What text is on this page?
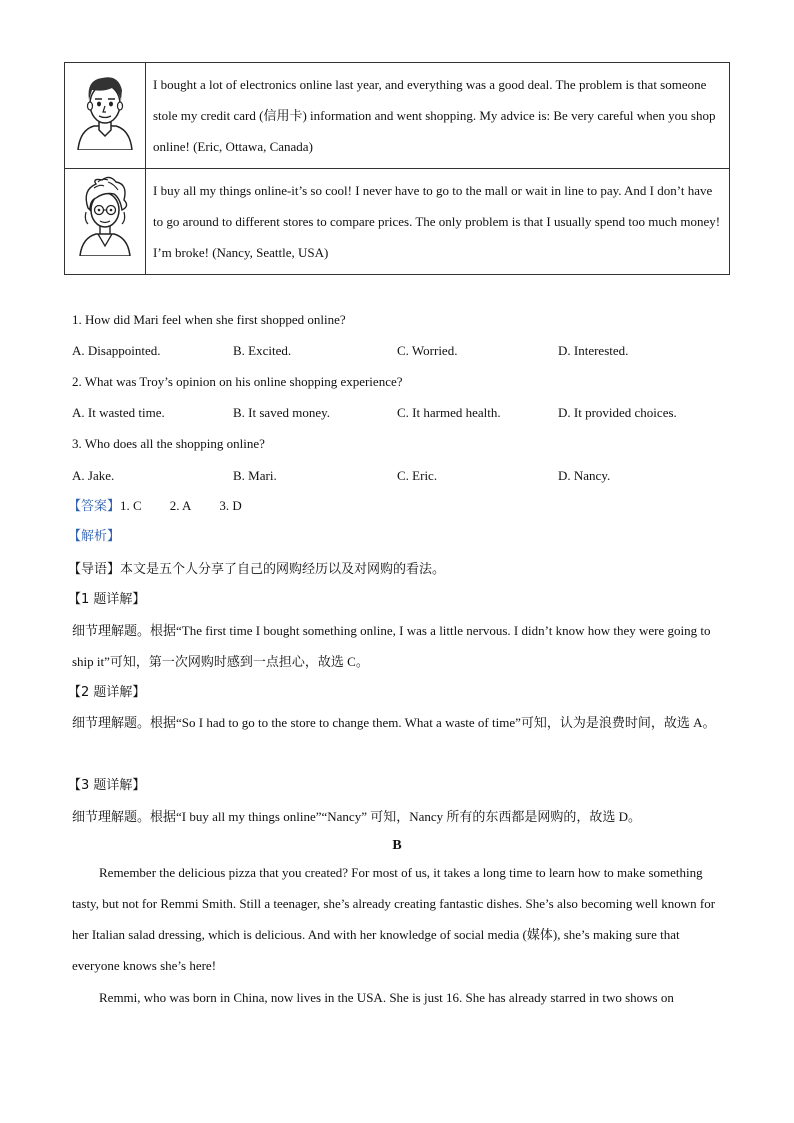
	I bought a lot of electronics online last year, and everything was a good deal. The problem is that someone stole my credit card (信用卡) information and went shopping. My advice is: Be very careful when you shop online! (Eric, Ottawa, Canada)

	I buy all my things online-it’s so cool! I never have to go to the mall or wait in line to pay. And I don’t have to go around to different stores to compare prices. The only problem is that I usually spend too much money! I’m broke! (Nancy, Seattle, USA)
1. How did Mari feel when she first shopped online?
A. Disappointed.	B. Excited.	C. Worried.	D. Interested.
2. What was Troy’s opinion on his online shopping experience?
A. It wasted time.	B. It saved money.	C. It harmed health.	D. It provided choices.
3. Who does all the shopping online?
A. Jake.	B. Mari.	C. Eric.	D. Nancy.
【答案】1. C 2. A 3. D
【解析】
【导语】本文是五个人分享了自己的网购经历以及对网购的看法。
【1 题详解】
细节理解题。根据“The first time I bought something online, I was a little nervous. I didn’t know how they were going to ship it”可知，第一次网购时感到一点担心，故选 C。
【2 题详解】
细节理解题。根据“So I had to go to the store to change them. What a waste of time”可知，认为是浪费时间，故选 A。
【3 题详解】
细节理解题。根据“I buy all my things online”“Nancy” 可知，Nancy 所有的东西都是网购的，故选 D。
B
Remember the delicious pizza that you created? For most of us, it takes a long time to learn how to make something tasty, but not for Remmi Smith. Still a teenager, she’s already creating fantastic dishes. She’s also becoming well known for her Italian salad dressing, which is delicious. And with her knowledge of social media (媒体), she’s making sure that everyone knows she’s here!
Remmi, who was born in China, now lives in the USA. She is just 16. She has already starred in two shows on
